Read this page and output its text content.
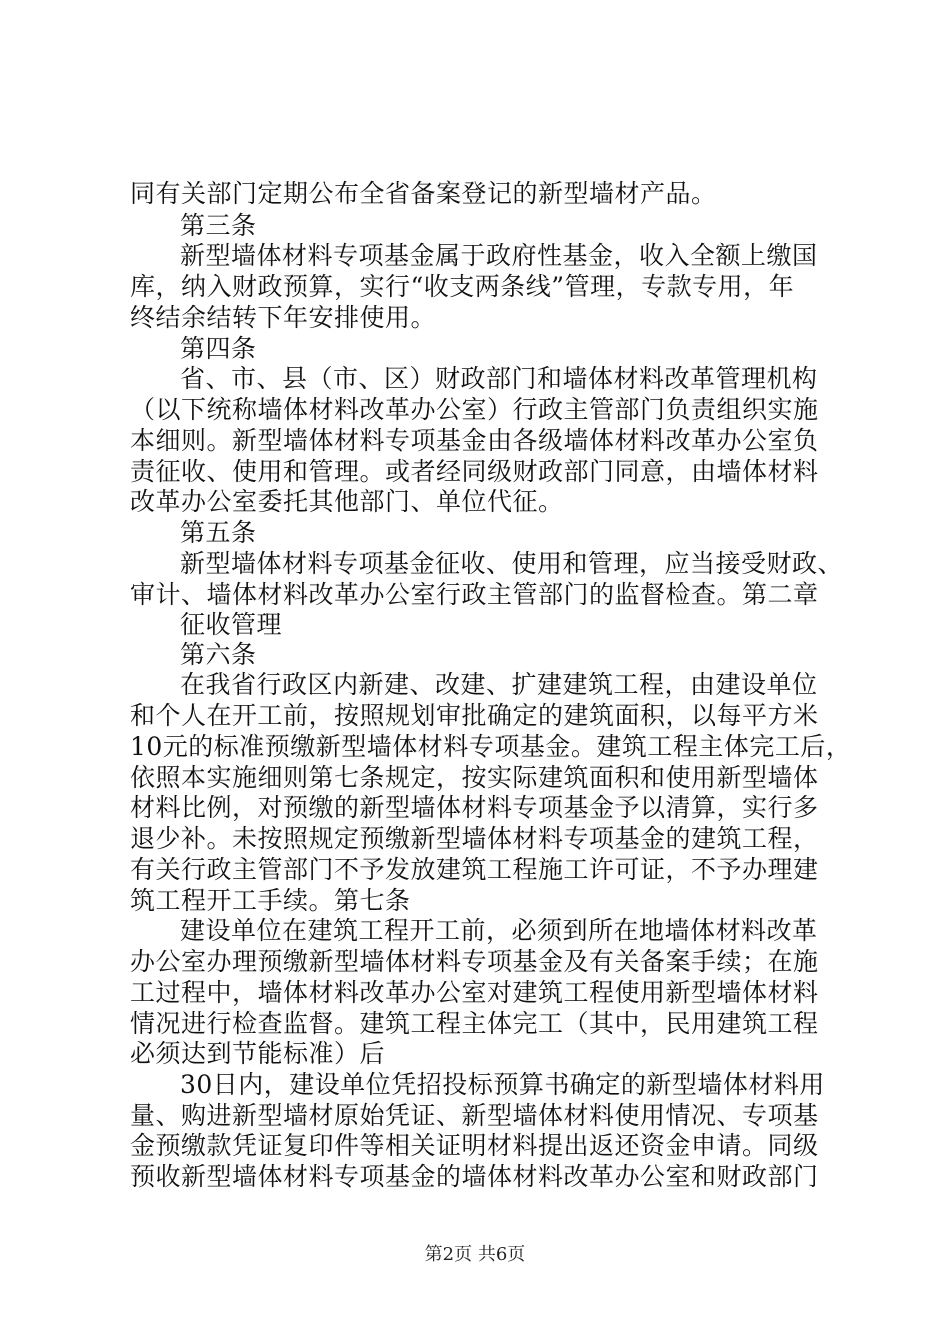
同有关部门定期公布全省备案登记的新型墙材产品。
第三条
新型墙体材料专项基金属于政府性基金，收入全额上缴国
库，纳入财政预算，实行“收支两条线”管理，专款专用，年
终结余结转下年安排使用。
第四条
省、市、县（市、区）财政部门和墙体材料改革管理机构
（以下统称墙体材料改革办公室）行政主管部门负责组织实施
本细则。新型墙体材料专项基金由各级墙体材料改革办公室负
责征收、使用和管理。或者经同级财政部门同意，由墙体材料
改革办公室委托其他部门、单位代征。
第五条
新型墙体材料专项基金征收、使用和管理，应当接受财政、
审计、墙体材料改革办公室行政主管部门的监督检查。第二章
征收管理
第六条
在我省行政区内新建、改建、扩建建筑工程，由建设单位
和个人在开工前，按照规划审批确定的建筑面积，以每平方米
10元的标准预缴新型墙体材料专项基金。建筑工程主体完工后，
依照本实施细则第七条规定，按实际建筑面积和使用新型墙体
材料比例，对预缴的新型墙体材料专项基金予以清算，实行多
退少补。未按照规定预缴新型墙体材料专项基金的建筑工程，
有关行政主管部门不予发放建筑工程施工许可证，不予办理建
筑工程开工手续。第七条
建设单位在建筑工程开工前，必须到所在地墙体材料改革
办公室办理预缴新型墙体材料专项基金及有关备案手续；在施
工过程中，墙体材料改革办公室对建筑工程使用新型墙体材料
情况进行检查监督。建筑工程主体完工（其中，民用建筑工程
必须达到节能标准）后
30日内，建设单位凭招投标预算书确定的新型墙体材料用
量、购进新型墙材原始凭证、新型墙体材料使用情况、专项基
金预缴款凭证复印件等相关证明材料提出返还资金申请。同级
预收新型墙体材料专项基金的墙体材料改革办公室和财政部门
第2页 共6页
